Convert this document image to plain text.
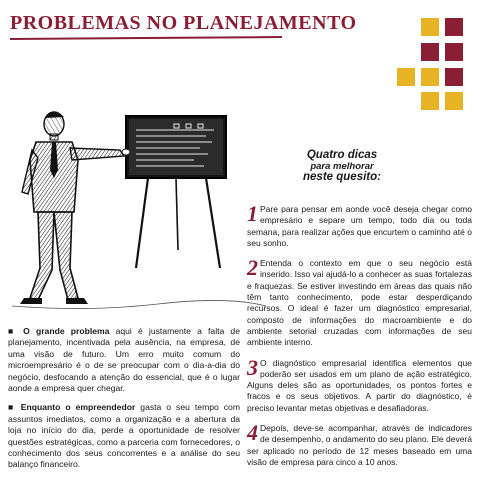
PROBLEMAS NO PLANEJAMENTO

■ O grande problema aqui é justamente a falta de planejamento, incentivada pela ausência, na empresa, de uma visão de futuro. Um erro muito comum do microempresário é o de se preocupar com o dia-a-dia do negócio, desfocando a atenção do essencial, que é o lugar aonde a empresa quer chegar.

■ Enquanto o empreendedor gasta o seu tempo com assuntos imediatos, como a organização e a abertura da loja no início do dia, perde a oportunidade de resolver questões estratégicas, como a parceria com fornecedores, o conhecimento dos seus concorrentes e a análise do seu balanço financeiro.

Quatro dicas
para melhorar
neste quesito:
1 Pare para pensar em aonde você deseja chegar como empresário e separe um tempo, todo dia ou toda semana, para realizar ações que encurtem o caminho até o seu sonho.
2 Entenda o contexto em que o seu negócio está inserido. Isso vai ajudá-lo a conhecer as suas fortalezas e fraquezas. Se estiver investindo em áreas das quais não têm tanto conhecimento, pode estar desperdiçando recursos. O ideal é fazer um diagnóstico empresarial, composto de informações do macroambiente e do ambiente setorial cruzadas com informações de seu ambiente interno.
3 O diagnóstico empresarial identifica elementos que poderão ser usados em um plano de ação estratégico. Alguns deles são as oportunidades, os pontos fortes e fracos e os seus objetivos. A partir do diagnóstico, é preciso levantar metas objetivas e desafiadoras.
4 Depois, deve-se acompanhar, através de indicadores de desempenho, o andamento do seu plano. Ele deverá ser aplicado no período de 12 meses baseado em uma visão de empresa para cinco a 10 anos.
